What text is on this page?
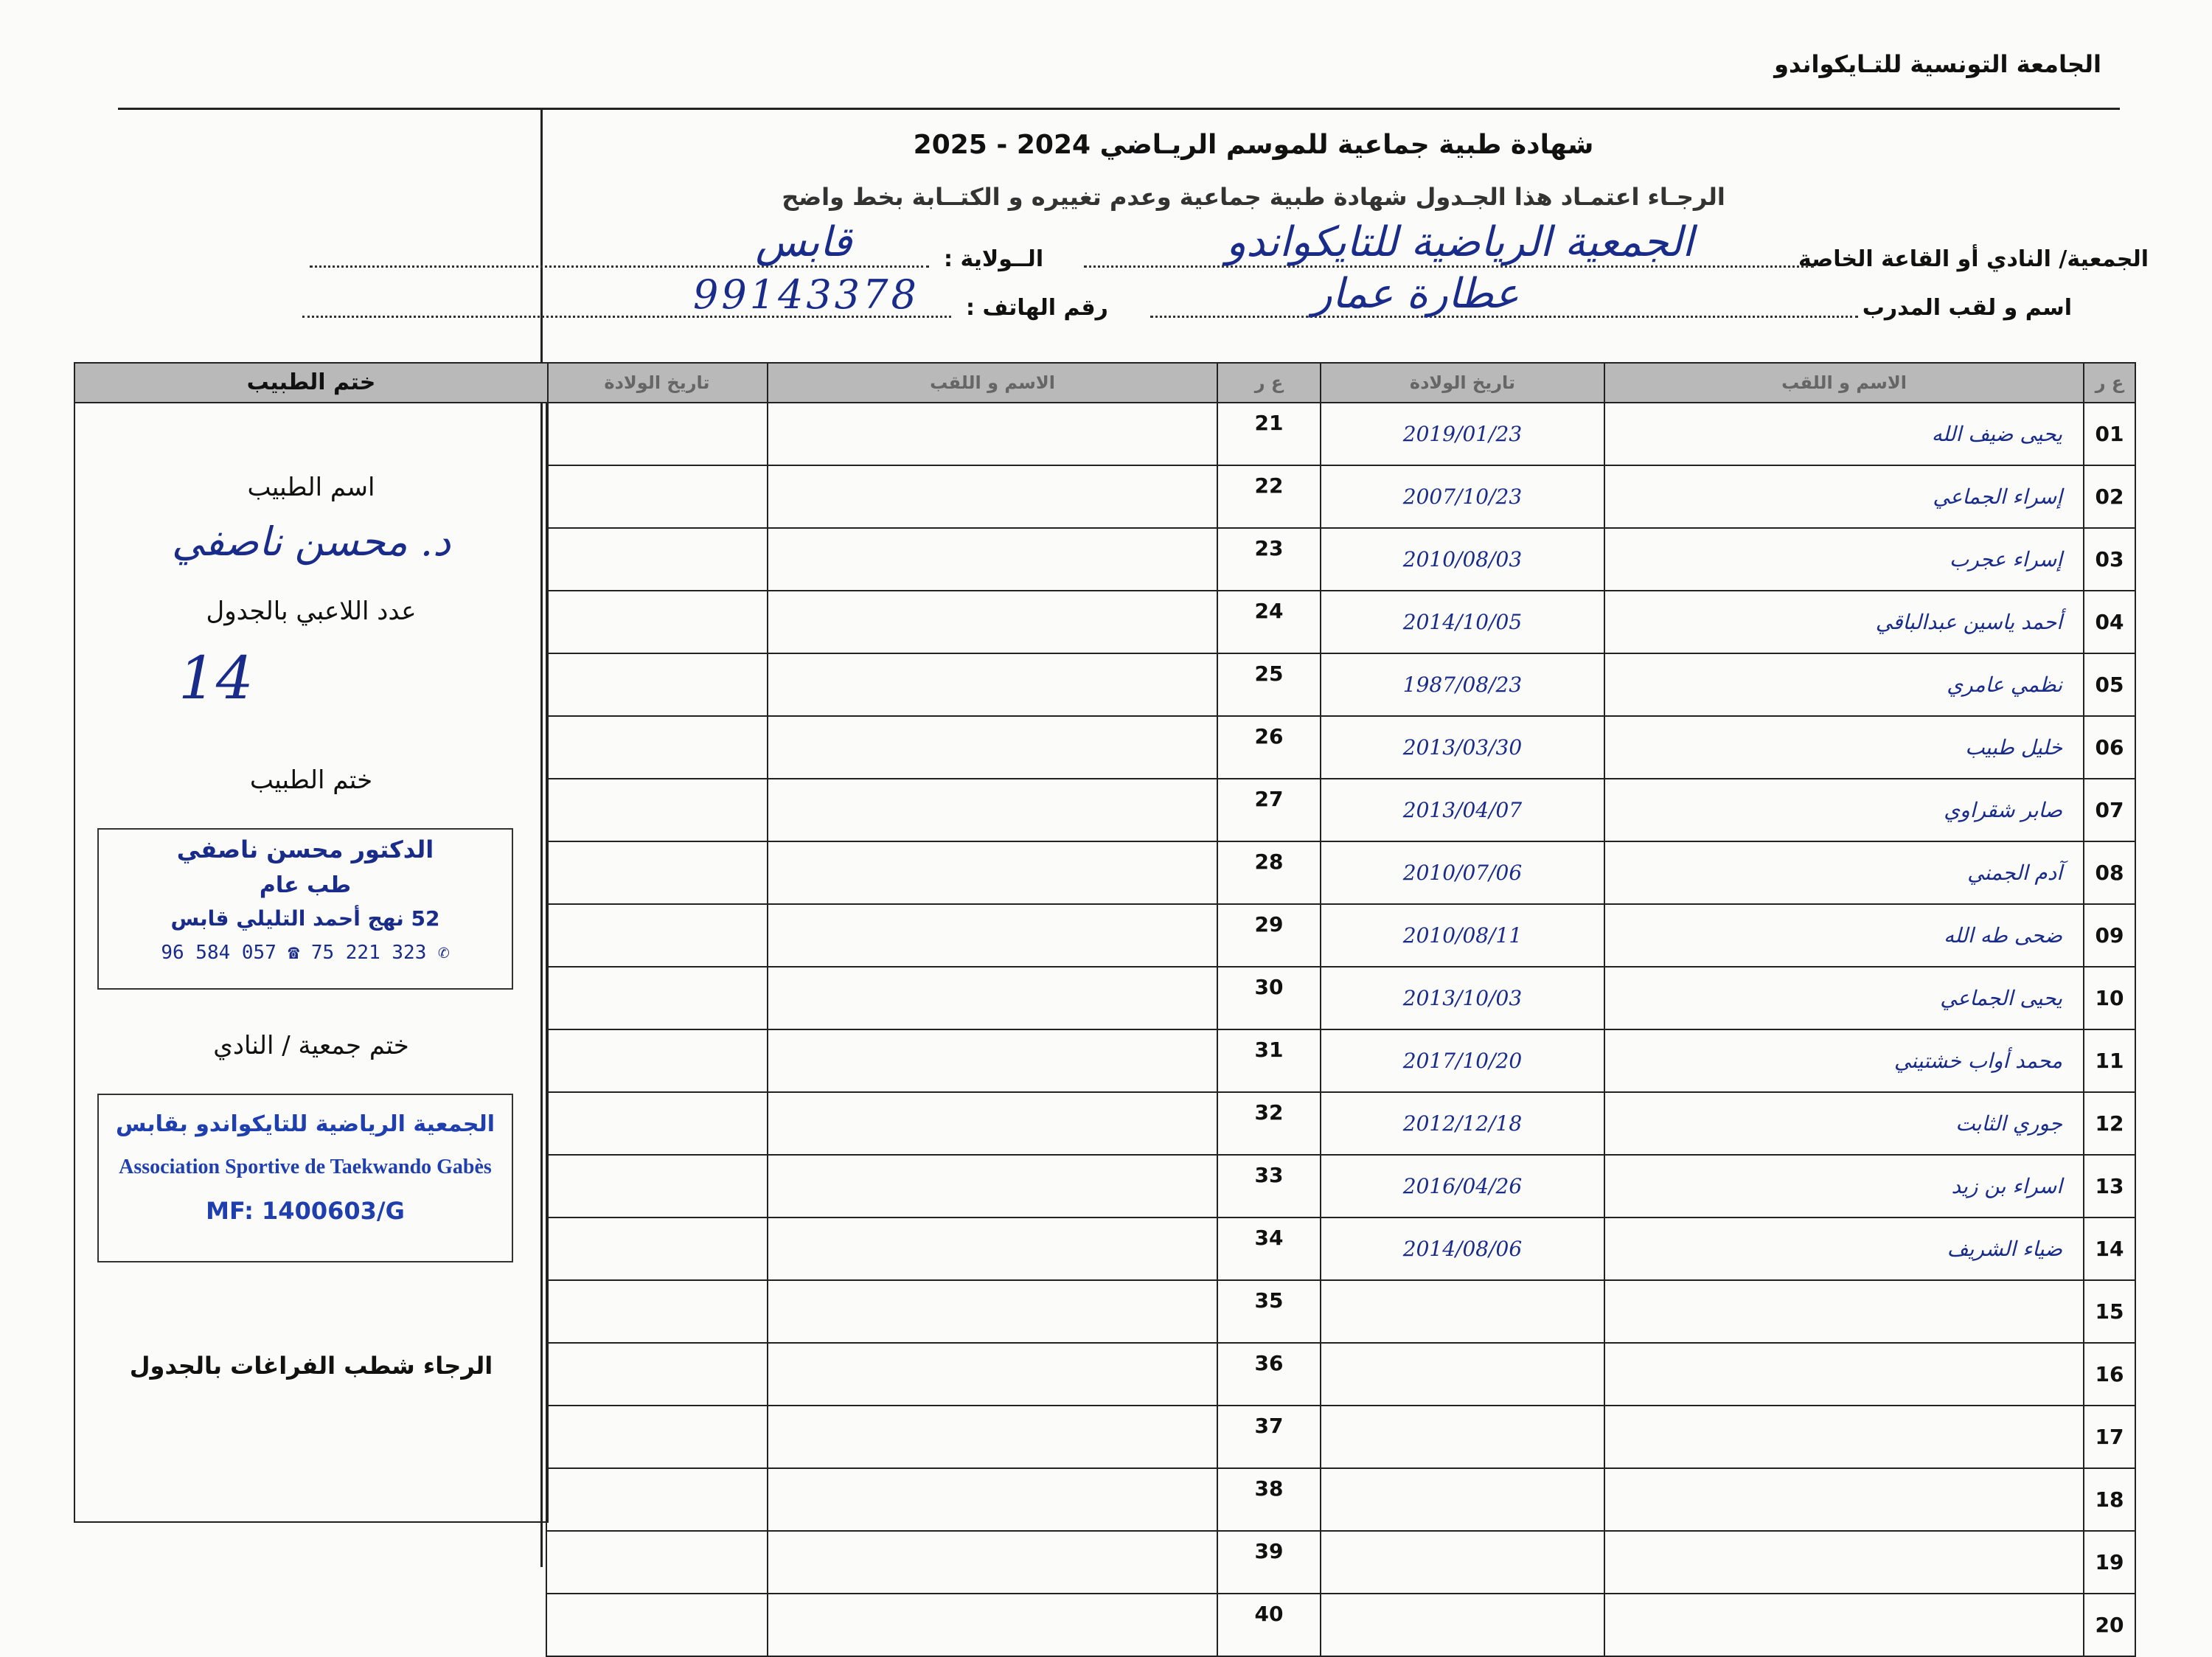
الجامعة التونسية للتـايكواندو
شهادة طبية جماعية للموسم الريـاضي 2024 - 2025
الرجـاء اعتمـاد هذا الجـدول شهادة طبية جماعية وعدم تغييره و الكتــابة بخط واضح
الجمعية/ النادي أو القاعة الخاصة
الجمعية الرياضية للتايكواندو
الــولاية :
قابس
اسم و لقب المدرب
عطارة عمار
رقم الهاتف :
99143378
تاريخ الولادة	الاسم و اللقب	ع ر	تاريخ الولادة	الاسم و اللقب	ع ر
		21	2019/01/23	يحيى ضيف الله	01
		22	2007/10/23	إسراء الجماعي	02
		23	2010/08/03	إسراء عجرب	03
		24	2014/10/05	أحمد ياسين عبدالباقي	04
		25	1987/08/23	نظمي عامري	05
		26	2013/03/30	خليل طبيب	06
		27	2013/04/07	صابر شقراوي	07
		28	2010/07/06	آدم الجمني	08
		29	2010/08/11	ضحى طه الله	09
		30	2013/10/03	يحيى الجماعي	10
		31	2017/10/20	محمد أواب خشتيني	11
		32	2012/12/18	جوري الثابت	12
		33	2016/04/26	اسراء بن زيد	13
		34	2014/08/06	ضياء الشريف	14
		35			15
		36			16
		37			17
		38			18
		39			19
		40			20
ختم الطبيب
اسم الطبيب
د. محسن ناصفي
عدد اللاعبي بالجدول
14
ختم الطبيب
الدكتور محسن ناصفي
طب عام
52 نهج أحمد التليلي قابس
96 584 057 ☎ 75 221 323 ✆
ختم جمعية / النادي
الجمعية الرياضية للتايكواندو بقابس
Association Sportive de Taekwando Gabès
MF: 1400603/G
الرجاء شطب الفراغات بالجدول
